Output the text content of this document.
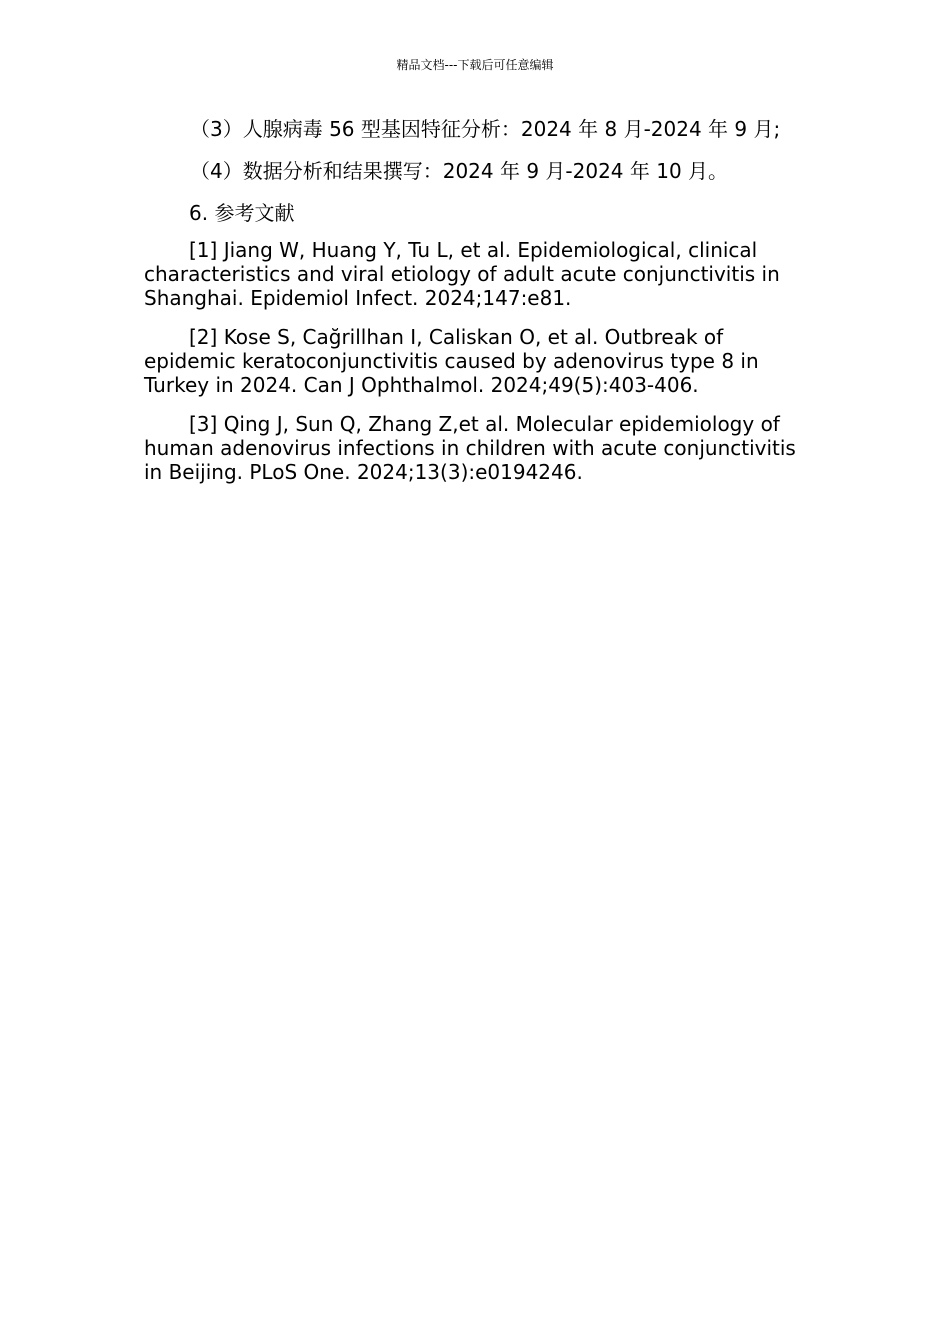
精品文档---下载后可任意编辑

（3）人腺病毒 56 型基因特征分析：2024 年 8 月-2024 年 9 月;

（4）数据分析和结果撰写：2024 年 9 月-2024 年 10 月。

6. 参考文献

[1] Jiang W, Huang Y, Tu L, et al. Epidemiological, clinical characteristics and viral etiology of adult acute conjunctivitis in Shanghai. Epidemiol Infect. 2024;147:e81.

[2] Kose S, Cağrillhan I, Caliskan O, et al. Outbreak of epidemic keratoconjunctivitis caused by adenovirus type 8 in Turkey in 2024. Can J Ophthalmol. 2024;49(5):403-406.

[3] Qing J, Sun Q, Zhang Z,et al. Molecular epidemiology of human adenovirus infections in children with acute conjunctivitis in Beijing. PLoS One. 2024;13(3):e0194246.
